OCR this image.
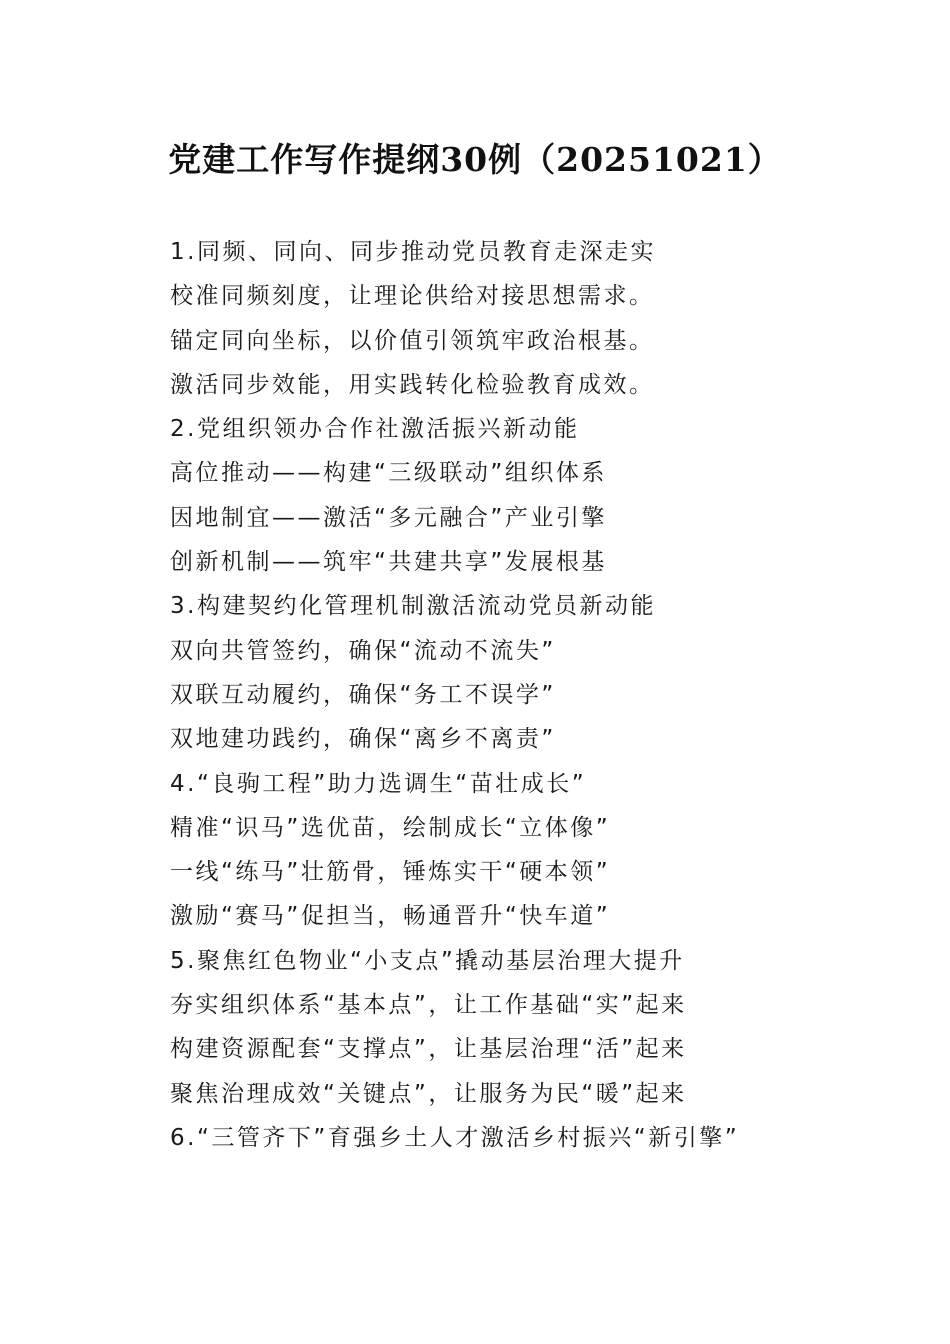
党建工作写作提纲30例（20251021）
1.同频、同向、同步推动党员教育走深走实
校准同频刻度，让理论供给对接思想需求。
锚定同向坐标，以价值引领筑牢政治根基。
激活同步效能，用实践转化检验教育成效。
2.党组织领办合作社激活振兴新动能
高位推动——构建“三级联动”组织体系
因地制宜——激活“多元融合”产业引擎
创新机制——筑牢“共建共享”发展根基
3.构建契约化管理机制激活流动党员新动能
双向共管签约，确保“流动不流失”
双联互动履约，确保“务工不误学”
双地建功践约，确保“离乡不离责”
4.“良驹工程”助力选调生“苗壮成长”
精准“识马”选优苗，绘制成长“立体像”
一线“练马”壮筋骨，锤炼实干“硬本领”
激励“赛马”促担当，畅通晋升“快车道”
5.聚焦红色物业“小支点”撬动基层治理大提升
夯实组织体系“基本点”，让工作基础“实”起来
构建资源配套“支撑点”，让基层治理“活”起来
聚焦治理成效“关键点”，让服务为民“暖”起来
6.“三管齐下”育强乡土人才激活乡村振兴“新引擎”
